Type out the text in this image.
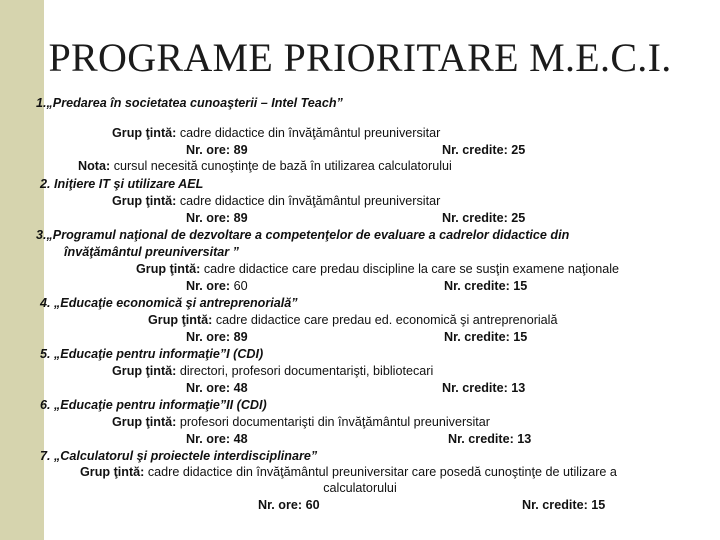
PROGRAME PRIORITARE M.E.C.I.
1.„Predarea în societatea cunoaşterii – Intel Teach”
Grup ţintă: cadre didactice din învăţământul preuniversitar
Nr. ore: 89	Nr. credite: 25
Nota: cursul necesită cunoştinţe de bază în utilizarea calculatorului
2. Iniţiere IT şi utilizare AEL
Grup ţintă: cadre didactice din învăţământul preuniversitar
Nr. ore: 89	Nr. credite: 25
3.„Programul naţional de dezvoltare a competenţelor de evaluare a cadrelor didactice din
învăţământul preuniversitar ”
Grup ţintă: cadre didactice care predau discipline la care se susţin examene naţionale
Nr. ore: 60	Nr. credite: 15
4. „Educaţie economică şi antreprenorială”
Grup ţintă: cadre didactice care predau ed. economică şi antreprenorială
Nr. ore: 89	Nr. credite: 15
5. „Educaţie pentru informaţie”I (CDI)
Grup ţintă: directori, profesori documentarişti, bibliotecari
Nr. ore: 48	Nr. credite: 13
6. „Educaţie pentru informaţie”II (CDI)
Grup ţintă: profesori documentarişti din învăţământul preuniversitar
Nr. ore: 48	Nr. credite: 13
7. „Calculatorul şi proiectele interdisciplinare”
Grup ţintă: cadre didactice din învăţământul preuniversitar care posedă cunoştinţe de utilizare a
calculatorului
Nr. ore: 60	Nr. credite: 15
